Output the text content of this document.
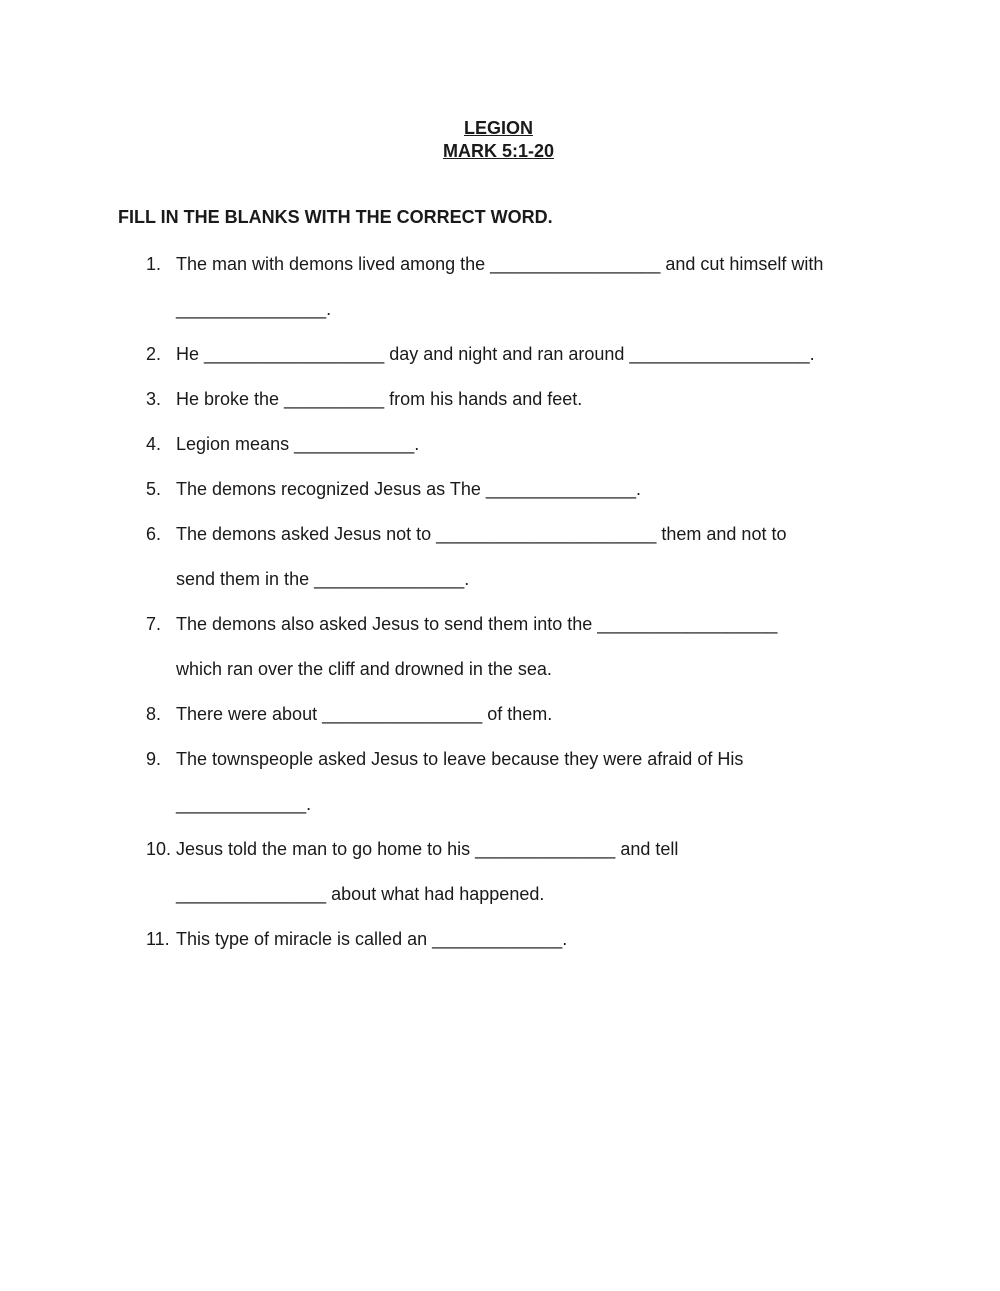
LEGION
MARK 5:1-20
FILL IN THE BLANKS WITH THE CORRECT WORD.
1. The man with demons lived among the _________________ and cut himself with
_______________.
2. He __________________ day and night and ran around __________________.
3. He broke the __________ from his hands and feet.
4. Legion means ____________.
5. The demons recognized Jesus as The _______________.
6. The demons asked Jesus not to ______________________ them and not to
send them in the _______________.
7. The demons also asked Jesus to send them into the __________________
which ran over the cliff and drowned in the sea.
8. There were about ________________ of them.
9. The townspeople asked Jesus to leave because they were afraid of His
_____________.
10. Jesus told the man to go home to his ______________ and tell
_______________ about what had happened.
11. This type of miracle is called an _____________.
